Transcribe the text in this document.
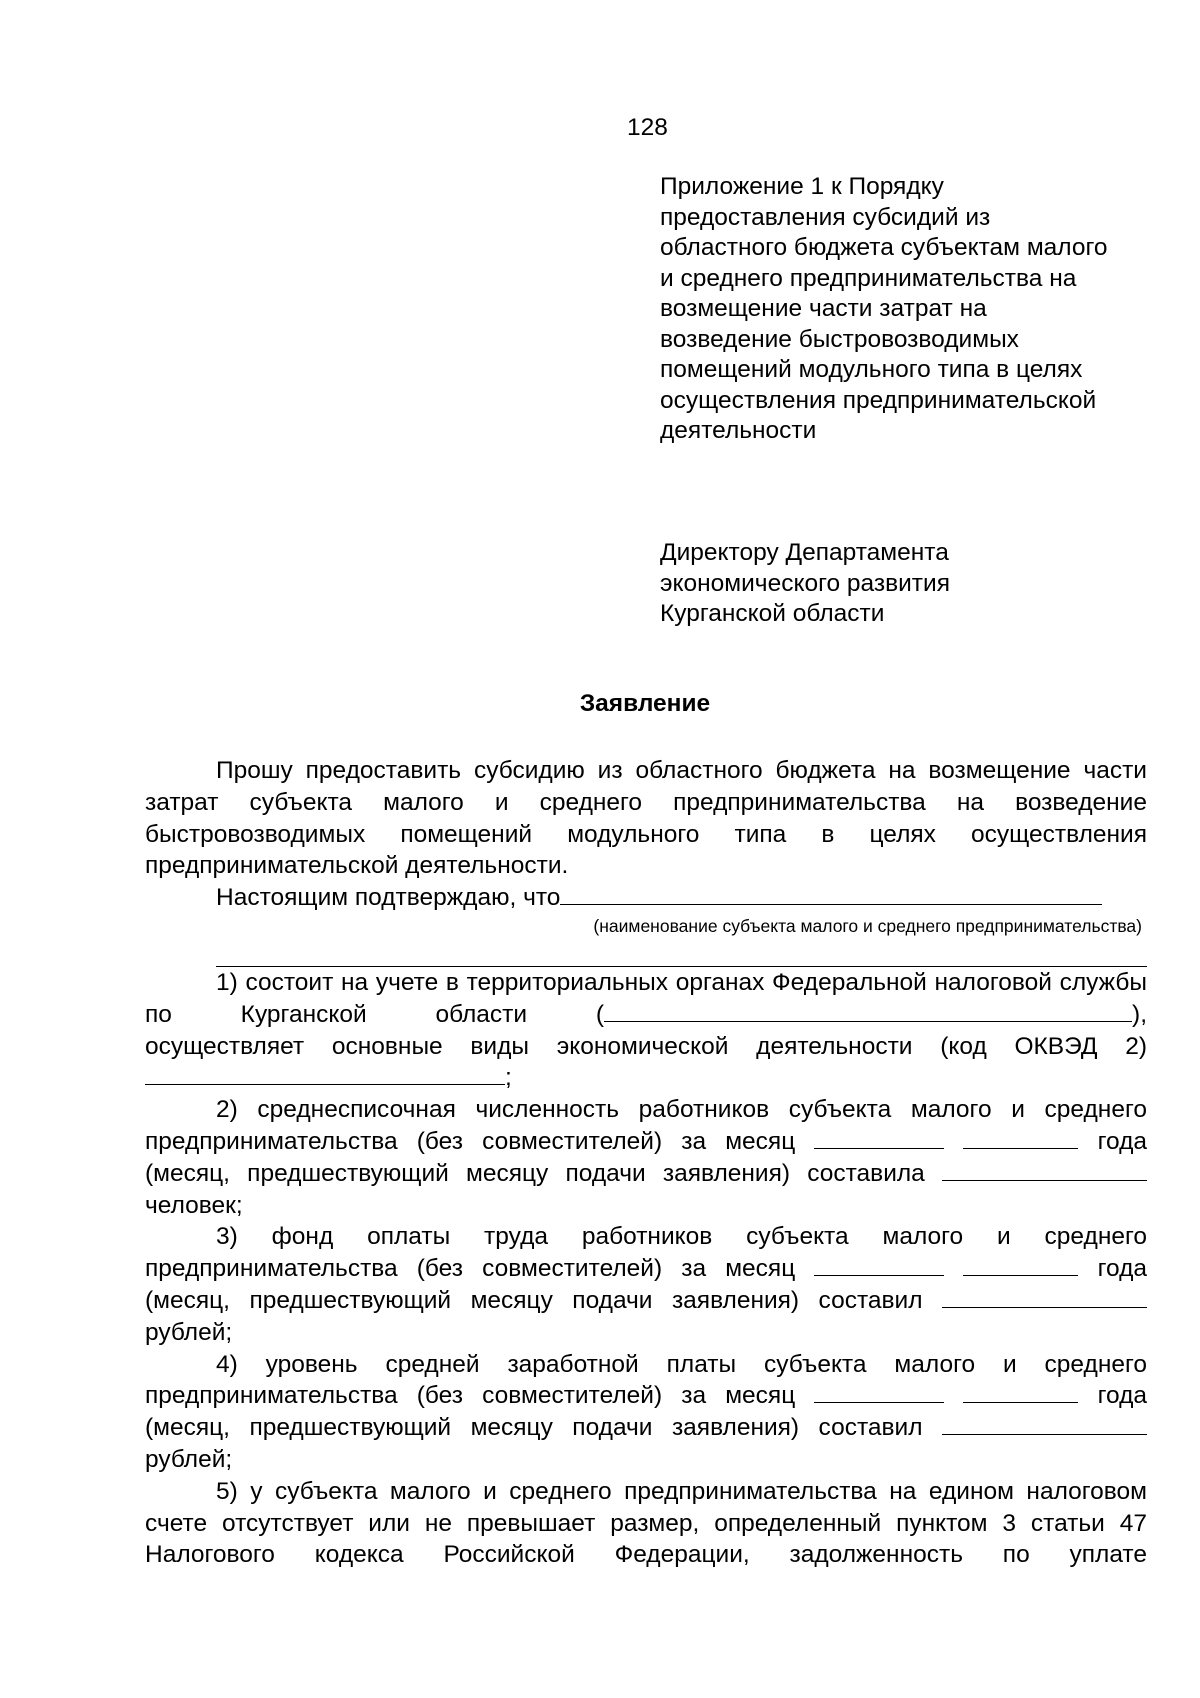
128
Приложение 1 к Порядку
предоставления субсидий из
областного бюджета субъектам малого
и среднего предпринимательства на
возмещение части затрат на
возведение быстровозводимых
помещений модульного типа в целях
осуществления предпринимательской
деятельности
Директору Департамента
экономического развития
Курганской области
Заявление

Прошу предоставить субсидию из областного бюджета на возмещение части затрат субъекта малого и среднего предпринимательства на возведение быстровозводимых помещений модульного типа в целях осуществления предпринимательской деятельности.

Настоящим подтверждаю, что

(наименование субъекта малого и среднего предпринимательства)

1) состоит на учете в территориальных органах Федеральной налоговой службы по Курганской области (	),

осуществляет основные виды экономической деятельности (код ОКВЭД 2)

;

2) среднесписочная численность работников субъекта малого и среднего предпринимательства (без совместителей) за месяц	года

(месяц, предшествующий месяцу подачи заявления) составила

человек;

3) фонд оплаты труда работников субъекта малого и среднего предпринимательства (без совместителей) за месяц	года

(месяц, предшествующий месяцу подачи заявления) составил

рублей;

4) уровень средней заработной платы субъекта малого и среднего предпринимательства (без совместителей) за месяц	года

(месяц, предшествующий месяцу подачи заявления) составил

рублей;

5) у субъекта малого и среднего предпринимательства на едином налоговом счете отсутствует или не превышает размер, определенный пунктом 3 статьи 47 Налогового кодекса Российской Федерации, задолженность по уплате
